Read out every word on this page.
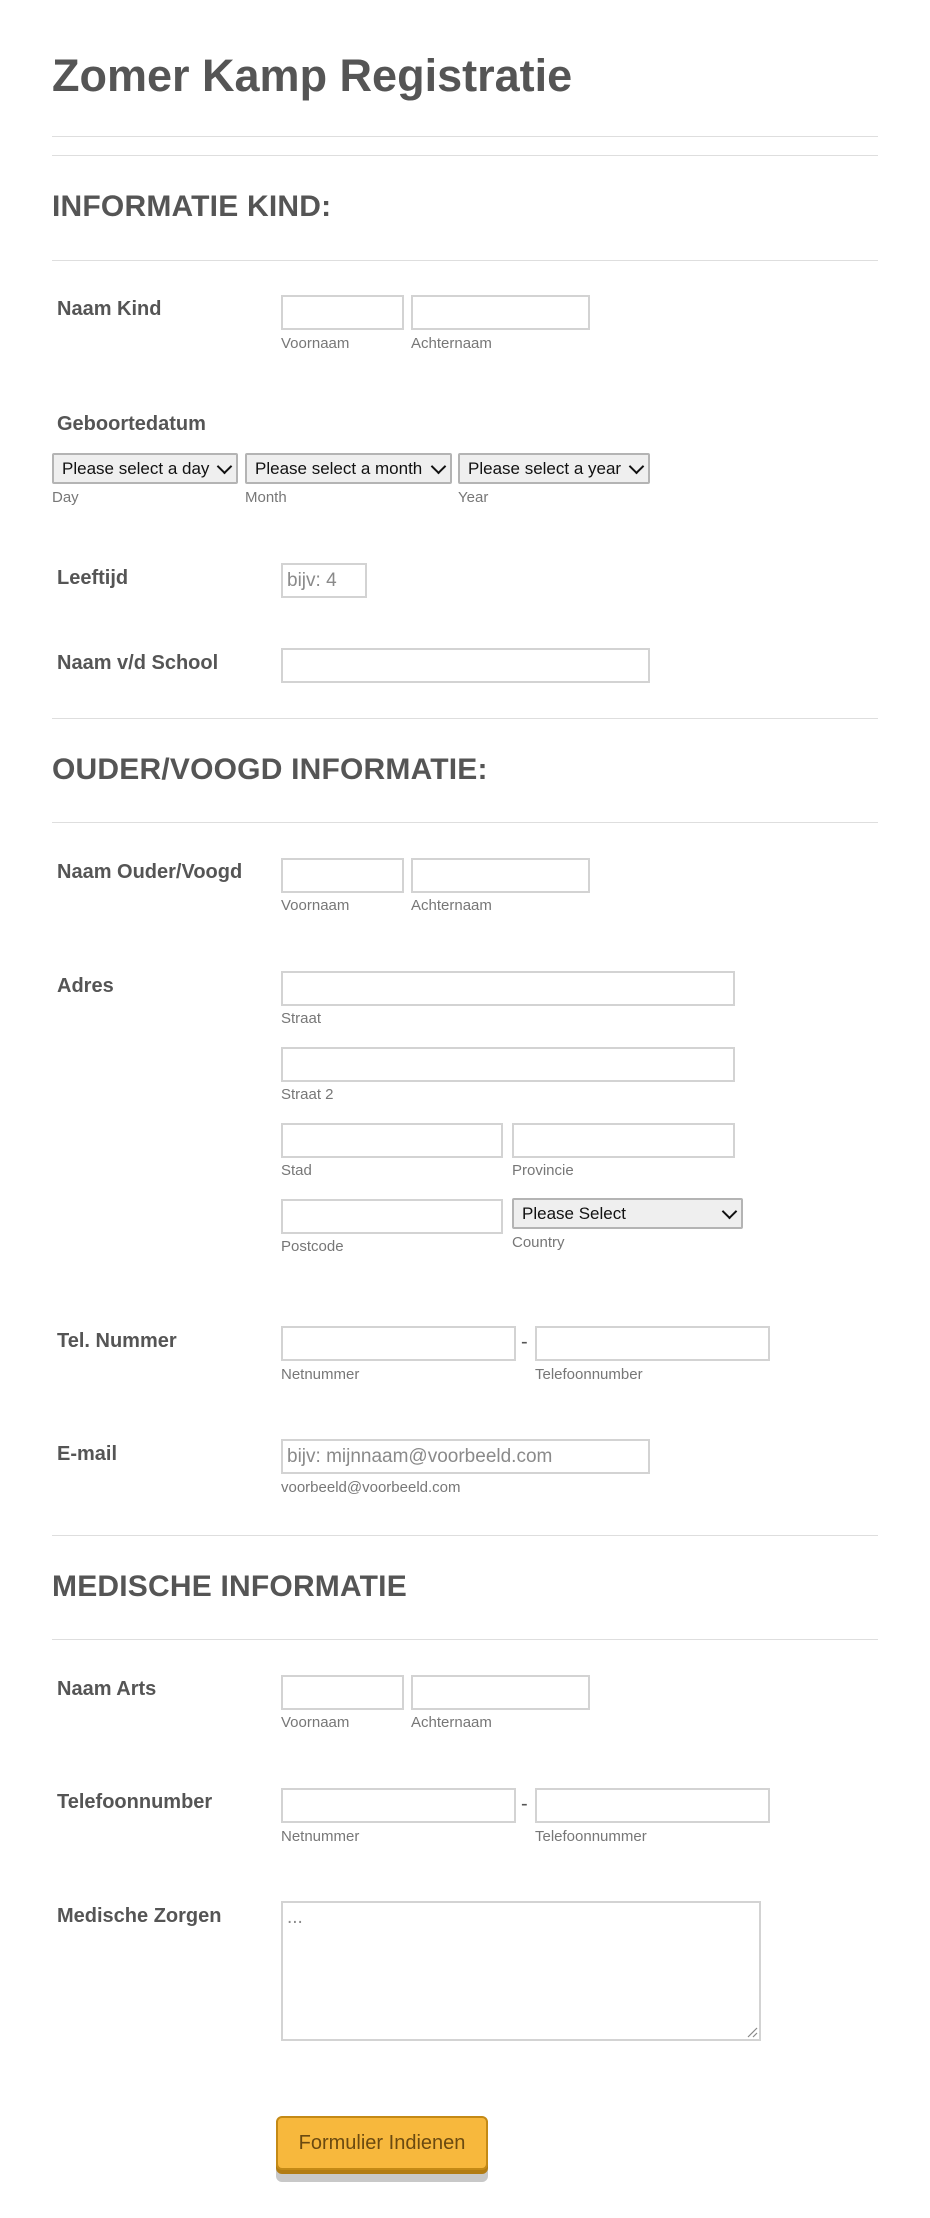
Zomer Kamp Registratie
INFORMATIE KIND:
Naam Kind
Voornaam	Achternaam
Geboortedatum
Please select a day	Please select a month	Please select a year
Day	Month	Year
Leeftijd
bijv: 4
Naam v/d School
OUDER/VOOGD INFORMATIE:
Naam Ouder/Voogd
Voornaam	Achternaam
Adres
Straat
Straat 2
Stad	Provincie
Please Select
Postcode	Country
Tel. Nummer	-
Netnummer	Telefoonnumber
E-mail
bijv: mijnnaam@voorbeeld.com
voorbeeld@voorbeeld.com
MEDISCHE INFORMATIE
Naam Arts
Voornaam	Achternaam
Telefoonnumber	-
Netnummer	Telefoonnummer
Medische Zorgen
...
Formulier Indienen
